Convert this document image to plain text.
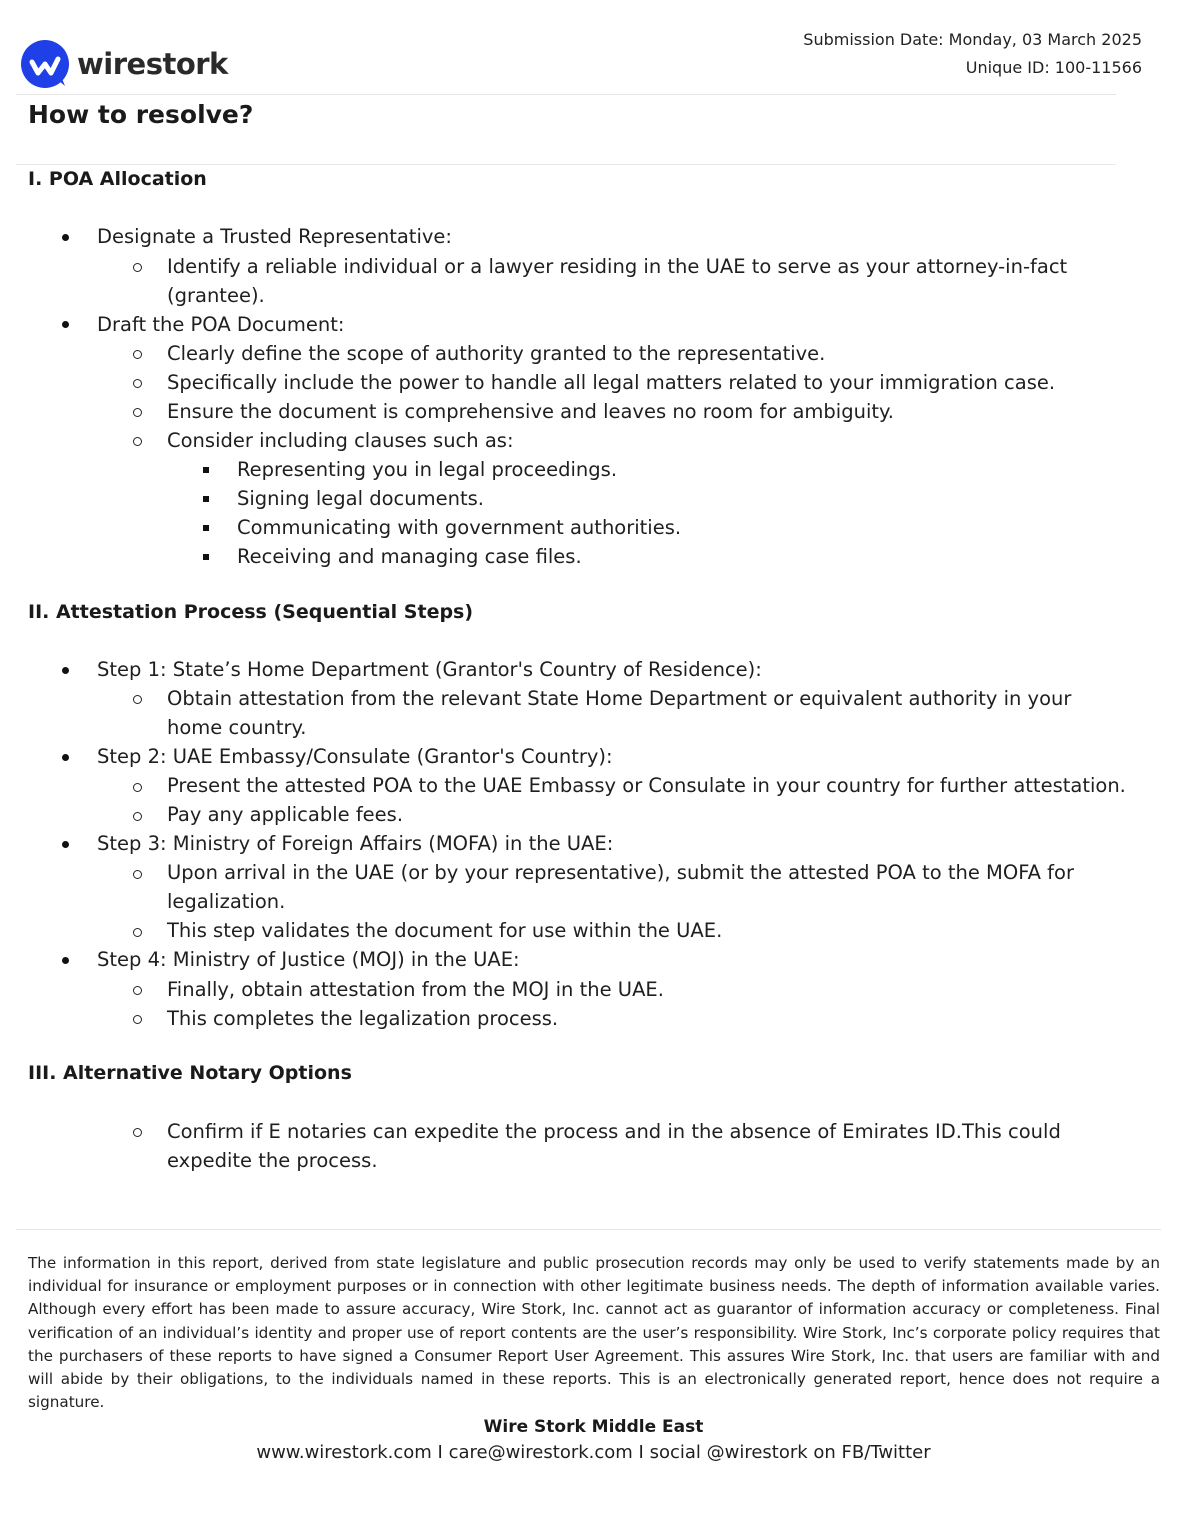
wirestork
Submission Date: Monday, 03 March 2025
Unique ID: 100-11566
How to resolve?
I. POA Allocation
Designate a Trusted Representative:
Identify a reliable individual or a lawyer residing in the UAE to serve as your attorney-in-fact
(grantee).
Draft the POA Document:
Clearly define the scope of authority granted to the representative.
Specifically include the power to handle all legal matters related to your immigration case.
Ensure the document is comprehensive and leaves no room for ambiguity.
Consider including clauses such as:
Representing you in legal proceedings.
Signing legal documents.
Communicating with government authorities.
Receiving and managing case files.
II. Attestation Process (Sequential Steps)
Step 1: State’s Home Department (Grantor's Country of Residence):
Obtain attestation from the relevant State Home Department or equivalent authority in your
home country.
Step 2: UAE Embassy/Consulate (Grantor's Country):
Present the attested POA to the UAE Embassy or Consulate in your country for further attestation.
Pay any applicable fees.
Step 3: Ministry of Foreign Affairs (MOFA) in the UAE:
Upon arrival in the UAE (or by your representative), submit the attested POA to the MOFA for
legalization.
This step validates the document for use within the UAE.
Step 4: Ministry of Justice (MOJ) in the UAE:
Finally, obtain attestation from the MOJ in the UAE.
This completes the legalization process.
III. Alternative Notary Options
Confirm if E notaries can expedite the process and in the absence of Emirates ID.This could
expedite the process.
The information in this report, derived from state legislature and public prosecution records may only be used to verify statements made by an individual for insurance or employment purposes or in connection with other legitimate business needs. The depth of information available varies. Although every effort has been made to assure accuracy, Wire Stork, Inc. cannot act as guarantor of information accuracy or completeness. Final verification of an individual’s identity and proper use of report contents are the user’s responsibility. Wire Stork, Inc’s corporate policy requires that the purchasers of these reports to have signed a Consumer Report User Agreement. This assures Wire Stork, Inc. that users are familiar with and will abide by their obligations, to the individuals named in these reports. This is an electronically generated report, hence does not require a signature.
Wire Stork Middle East
www.wirestork.com I care@wirestork.com I social @wirestork on FB/Twitter
